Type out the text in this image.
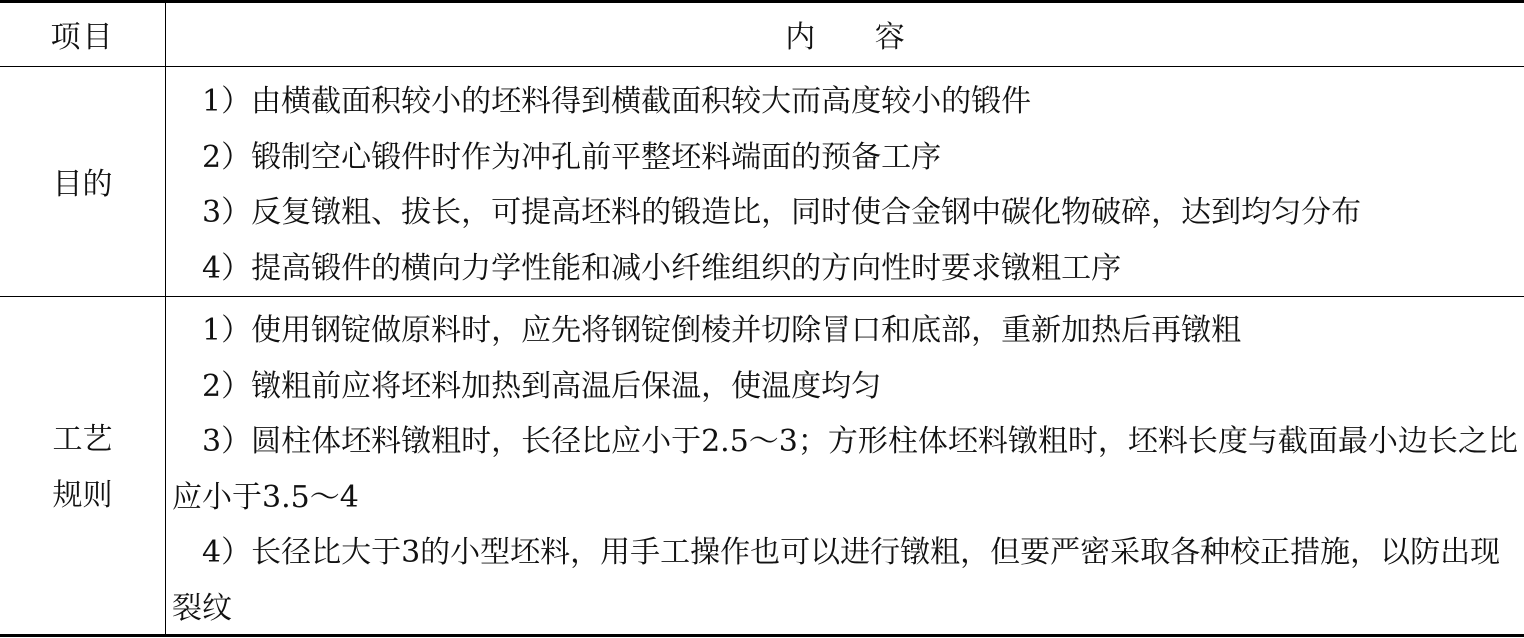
项目	内 容
目的

1）由横截面积较小的坯料得到横截面积较大而高度较小的锻件

2）锻制空心锻件时作为冲孔前平整坯料端面的预备工序

3）反复镦粗、拔长，可提高坯料的锻造比，同时使合金钢中碳化物破碎，达到均匀分布

4）提高锻件的横向力学性能和减小纤维组织的方向性时要求镦粗工序

工艺
规则

1）使用钢锭做原料时，应先将钢锭倒棱并切除冒口和底部，重新加热后再镦粗

2）镦粗前应将坯料加热到高温后保温，使温度均匀

3）圆柱体坯料镦粗时，长径比应小于2.5～3；方形柱体坯料镦粗时，坯料长度与截面最小边长之比应小于3.5～4

4）长径比大于3的小型坯料，用手工操作也可以进行镦粗，但要严密采取各种校正措施，以防出现裂纹
